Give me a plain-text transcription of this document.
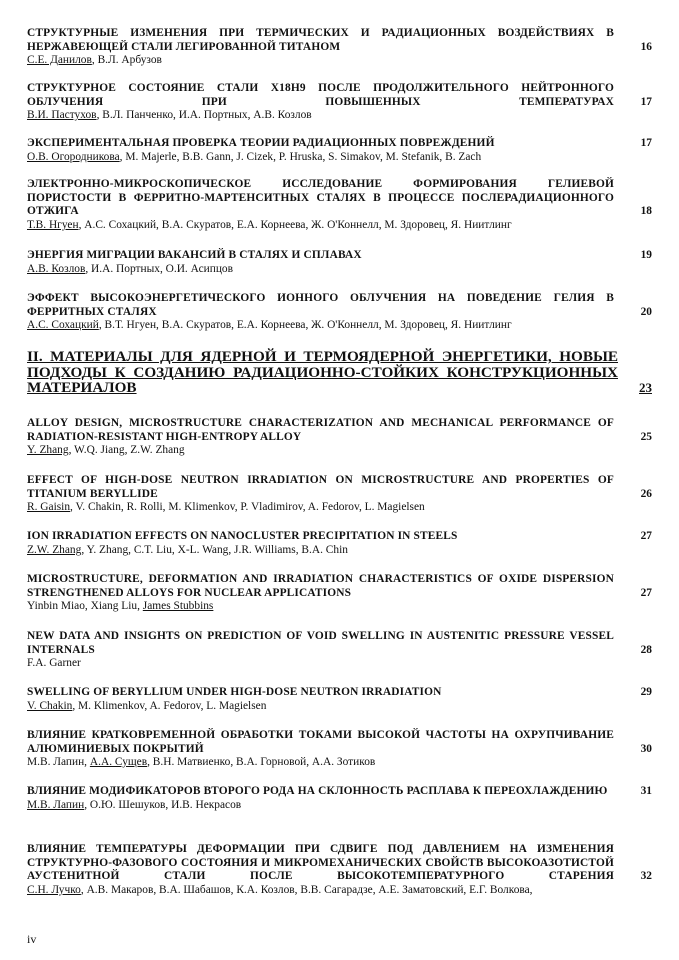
СТРУКТУРНЫЕ ИЗМЕНЕНИЯ ПРИ ТЕРМИЧЕСКИХ И РАДИАЦИОННЫХ ВОЗДЕЙСТВИЯХ В НЕРЖАВЕЮЩЕЙ СТАЛИ ЛЕГИРОВАННОЙ ТИТАНОМ	16
С.Е. Данилов, В.Л. Арбузов
СТРУКТУРНОЕ СОСТОЯНИЕ СТАЛИ Х18Н9 ПОСЛЕ ПРОДОЛЖИТЕЛЬНОГО НЕЙТРОННОГО ОБЛУЧЕНИЯ ПРИ ПОВЫШЕННЫХ ТЕМПЕРАТУРАХ 17
В.И. Пастухов, В.Л. Панченко, И.А. Портных, А.В. Козлов
ЭКСПЕРИМЕНТАЛЬНАЯ ПРОВЕРКА ТЕОРИИ РАДИАЦИОННЫХ ПОВРЕЖДЕНИЙ	17
О.В. Огородникова, M. Majerle, B.B. Gann, J. Cizek, P. Hruska, S. Simakov, M. Stefanik, B. Zach
ЭЛЕКТРОННО-МИКРОСКОПИЧЕСКОЕ ИССЛЕДОВАНИЕ ФОРМИРОВАНИЯ ГЕЛИЕВОЙ ПОРИСТОСТИ В ФЕРРИТНО-МАРТЕНСИТНЫХ СТАЛЯХ В ПРОЦЕССЕ ПОСЛЕРАДИАЦИОННОГО ОТЖИГА	18
Т.В. Нгуен, А.С. Сохацкий, В.А. Скуратов, Е.А. Корнеева, Ж. О'Коннелл, М. Здоровец, Я. Ниитлинг
ЭНЕРГИЯ МИГРАЦИИ ВАКАНСИЙ В СТАЛЯХ И СПЛАВАХ	19
А.В. Козлов, И.А. Портных, О.И. Асипцов
ЭФФЕКТ ВЫСОКОЭНЕРГЕТИЧЕСКОГО ИОННОГО ОБЛУЧЕНИЯ НА ПОВЕДЕНИЕ ГЕЛИЯ В ФЕРРИТНЫХ СТАЛЯХ	20
А.С. Сохацкий, В.Т. Нгуен, В.А. Скуратов, Е.А. Корнеева, Ж. О'Коннелл, М. Здоровец, Я. Ниитлинг
II. МАТЕРИАЛЫ ДЛЯ ЯДЕРНОЙ И ТЕРМОЯДЕРНОЙ ЭНЕРГЕТИКИ, НОВЫЕ ПОДХОДЫ К СОЗДАНИЮ РАДИАЦИОННО-СТОЙКИХ КОНСТРУКЦИОННЫХ МАТЕРИАЛОВ	23
ALLOY DESIGN, MICROSTRUCTURE CHARACTERIZATION AND MECHANICAL PERFORMANCE OF RADIATION-RESISTANT HIGH-ENTROPY ALLOY	25
Y. Zhang, W.Q. Jiang, Z.W. Zhang
EFFECT OF HIGH-DOSE NEUTRON IRRADIATION ON MICROSTRUCTURE AND PROPERTIES OF TITANIUM BERYLLIDE	26
R. Gaisin, V. Chakin, R. Rolli, M. Klimenkov, P. Vladimirov, A. Fedorov, L. Magielsen
ION IRRADIATION EFFECTS ON NANOCLUSTER PRECIPITATION IN STEELS	27
Z.W. Zhang, Y. Zhang, C.T. Liu, X-L. Wang, J.R. Williams, B.A. Chin
MICROSTRUCTURE, DEFORMATION AND IRRADIATION CHARACTERISTICS OF OXIDE DISPERSION STRENGTHENED ALLOYS FOR NUCLEAR APPLICATIONS	27
Yinbin Miao, Xiang Liu, James Stubbins
NEW DATA AND INSIGHTS ON PREDICTION OF VOID SWELLING IN AUSTENITIC PRESSURE VESSEL INTERNALS	28
F.A. Garner
SWELLING OF BERYLLIUM UNDER HIGH-DOSE NEUTRON IRRADIATION	29
V. Chakin, M. Klimenkov, A. Fedorov, L. Magielsen
ВЛИЯНИЕ КРАТКОВРЕМЕННОЙ ОБРАБОТКИ ТОКАМИ ВЫСОКОЙ ЧАСТОТЫ НА ОХРУПЧИВАНИЕ АЛЮМИНИЕВЫХ ПОКРЫТИЙ	30
М.В. Лапин, А.А. Сущев, В.Н. Матвиенко, В.А. Горновой, А.А. Зотиков
ВЛИЯНИЕ МОДИФИКАТОРОВ ВТОРОГО РОДА НА СКЛОННОСТЬ РАСПЛАВА К ПЕРЕОХЛАЖДЕНИЮ	31
М.В. Лапин, О.Ю. Шешуков, И.В. Некрасов
ВЛИЯНИЕ ТЕМПЕРАТУРЫ ДЕФОРМАЦИИ ПРИ СДВИГЕ ПОД ДАВЛЕНИЕМ НА ИЗМЕНЕНИЯ СТРУКТУРНО-ФАЗОВОГО СОСТОЯНИЯ И МИКРОМЕХАНИЧЕСКИХ СВОЙСТВ ВЫСОКОАЗОТИСТОЙ АУСТЕНИТНОЙ СТАЛИ ПОСЛЕ ВЫСОКОТЕМПЕРАТУРНОГО СТАРЕНИЯ 32
С.Н. Лучко, А.В. Макаров, В.А. Шабашов, К.А. Козлов, В.В. Сагарадзе, А.Е. Заматовский, Е.Г. Волкова,
iv
